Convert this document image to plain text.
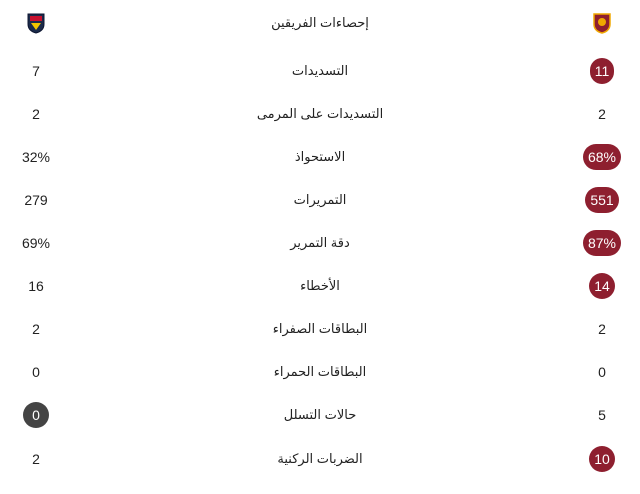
إحصاءات الفريقين
7	التسديدات	11
2	التسديدات على المرمى	2
32%	الاستحواذ	68%
279	التمريرات	551
69%	دقة التمرير	87%
16	الأخطاء	14
2	البطاقات الصفراء	2
0	البطاقات الحمراء	0
0	حالات التسلل	5
2	الضربات الركنية	10
